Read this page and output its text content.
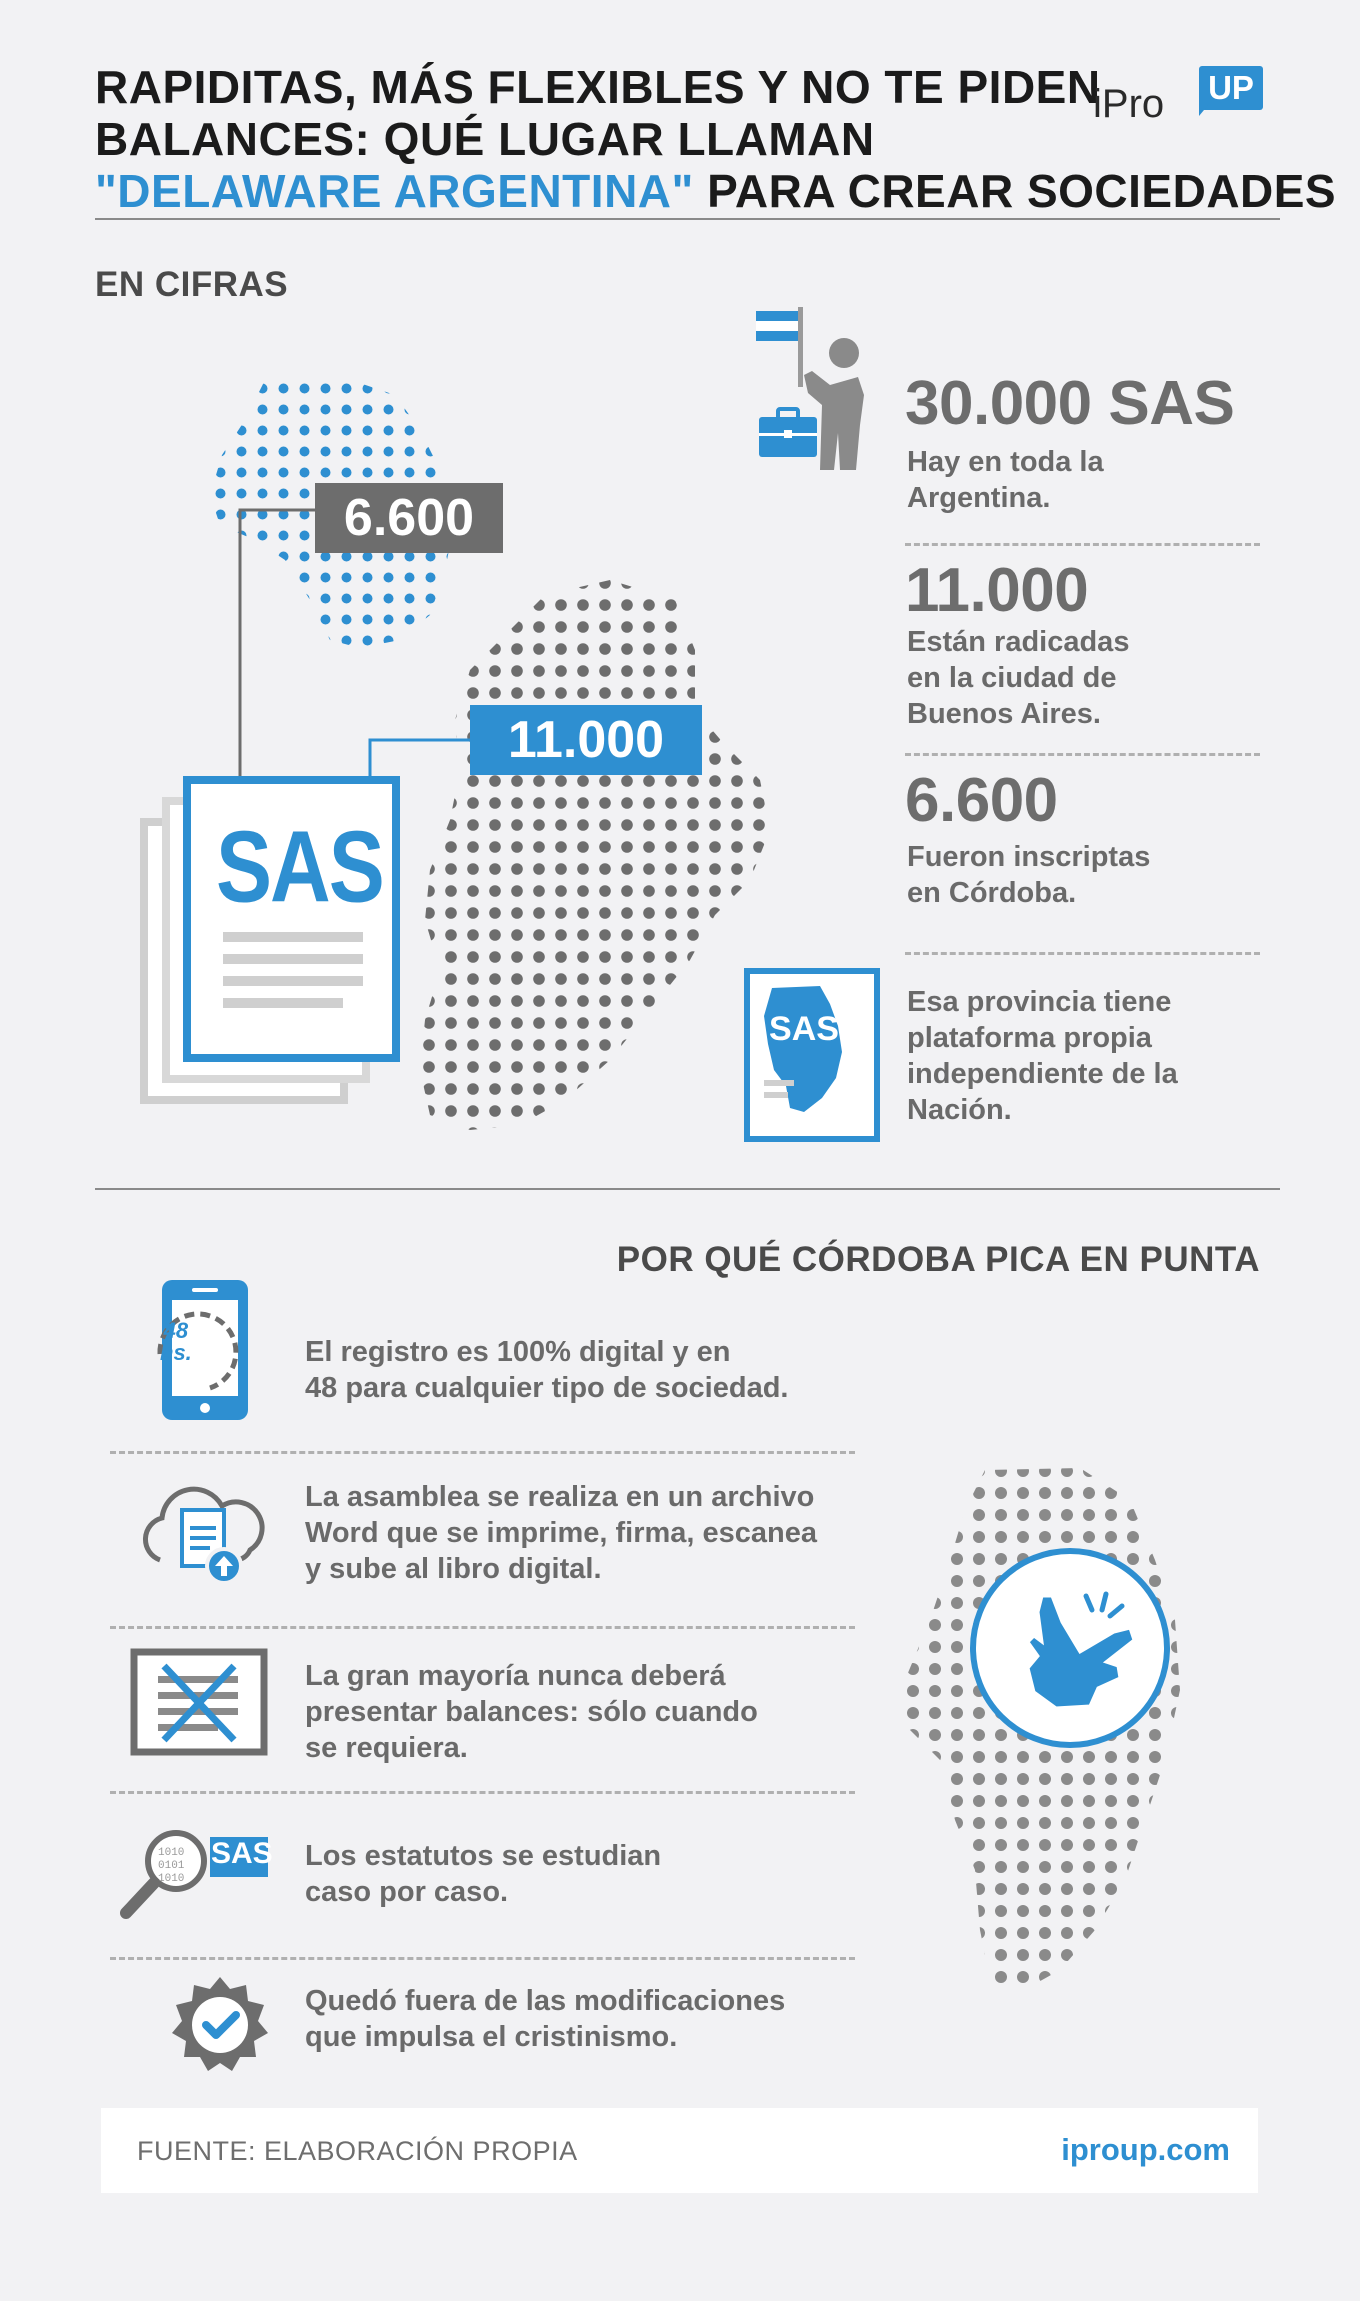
RAPIDITAS, MÁS FLEXIBLES Y NO TE PIDEN
BALANCES: QUÉ LUGAR LLAMAN
"DELAWARE ARGENTINA" PARA CREAR SOCIEDADES
iPro UP
EN CIFRAS
6.600
11.000
SAS
30.000 SAS
Hay en toda la
Argentina.
11.000
Están radicadas
en la ciudad de
Buenos Aires.
6.600
Fueron inscriptas
en Córdoba.
SAS
Esa provincia tiene
plataforma propia
independiente de la
Nación.
POR QUÉ CÓRDOBA PICA EN PUNTA
48
hs.	El registro es 100% digital y en
48 para cualquier tipo de sociedad.
La asamblea se realiza en un archivo
Word que se imprime, firma, escanea
y sube al libro digital.
La gran mayoría nunca deberá
presentar balances: sólo cuando
se requiera.
1010
0101
1010
SAS Los estatutos se estudian
caso por caso.
Quedó fuera de las modificaciones
que impulsa el cristinismo.
FUENTE: ELABORACIÓN PROPIA	iproup.com
